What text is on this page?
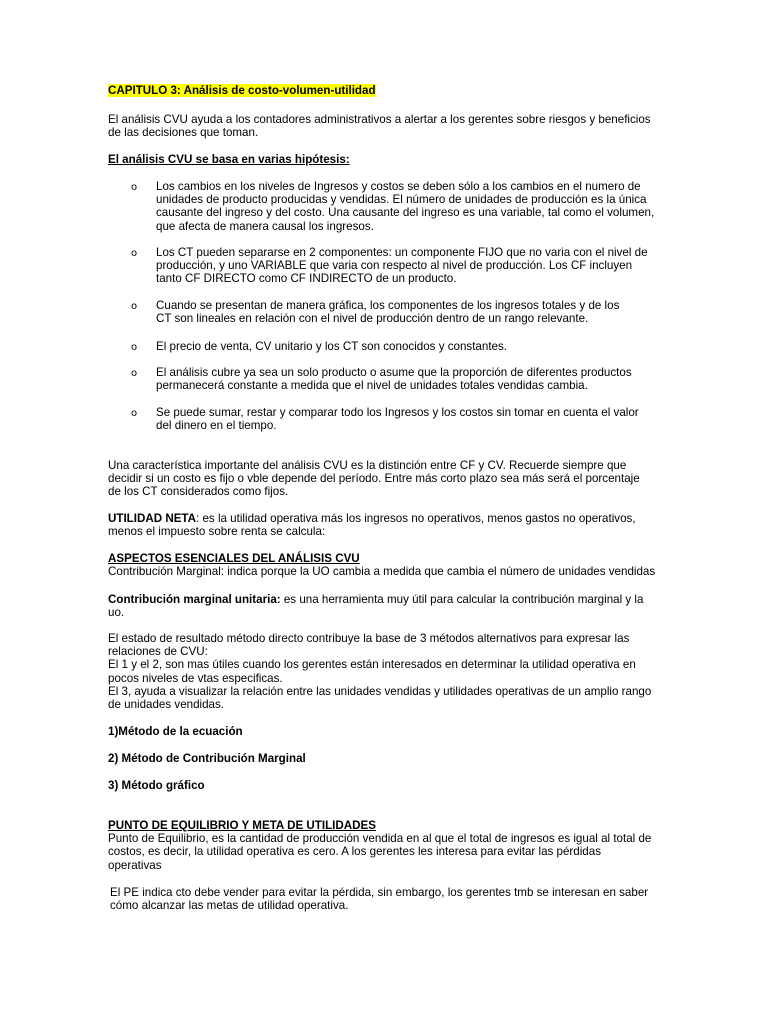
CAPITULO 3: Análisis de costo-volumen-utilidad
El análisis CVU ayuda a los contadores administrativos a alertar a los gerentes sobre riesgos y beneficios
de las decisiones que toman.
El análisis CVU se basa en varias hipótesis:
o Los cambios en los niveles de Ingresos y costos se deben sólo a los cambios en el numero de
unidades de producto producidas y vendidas. El número de unidades de producción es la única
causante del ingreso y del costo. Una causante del ingreso es una variable, tal como el volumen,
que afecta de manera causal los ingresos.
o Los CT pueden separarse en 2 componentes: un componente FIJO que no varia con el nivel de
producción, y uno VARIABLE que varia con respecto al nivel de producción. Los CF incluyen
tanto CF DIRECTO como CF INDIRECTO de un producto.
o Cuando se presentan de manera gráfica, los componentes de los ingresos totales y de los
CT son lineales en relación con el nivel de producción dentro de un rango relevante.
o El precio de venta, CV unitario y los CT son conocidos y constantes.
o El análisis cubre ya sea un solo producto o asume que la proporción de diferentes productos
permanecerá constante a medida que el nivel de unidades totales vendidas cambia.
o Se puede sumar, restar y comparar todo los Ingresos y los costos sin tomar en cuenta el valor
del dinero en el tiempo.
Una característica importante del análisis CVU es la distinción entre CF y CV. Recuerde siempre que
decidir si un costo es fijo o vble depende del período. Entre más corto plazo sea más será el porcentaje
de los CT considerados como fijos.
UTILIDAD NETA: es la utilidad operativa más los ingresos no operativos, menos gastos no operativos,
menos el impuesto sobre renta se calcula:
ASPECTOS ESENCIALES DEL ANÁLISIS CVU
Contribución Marginal: indica porque la UO cambia a medida que cambia el número de unidades vendidas
Contribución marginal unitaria: es una herramienta muy útil para calcular la contribución marginal y la
uo.
El estado de resultado método directo contribuye la base de 3 métodos alternativos para expresar las
relaciones de CVU:
El 1 y el 2, son mas útiles cuando los gerentes están interesados en determinar la utilidad operativa en
pocos niveles de vtas especificas.
El 3, ayuda a visualizar la relación entre las unidades vendidas y utilidades operativas de un amplio rango
de unidades vendidas.
1)Método de la ecuación
2) Método de Contribución Marginal
3) Método gráfico
PUNTO DE EQUILIBRIO Y META DE UTILIDADES
Punto de Equilibrio, es la cantidad de producción vendida en al que el total de ingresos es igual al total de
costos, es decir, la utilidad operativa es cero. A los gerentes les interesa para evitar las pérdidas
operativas
El PE indica cto debe vender para evitar la pérdida, sin embargo, los gerentes tmb se interesan en saber
cómo alcanzar las metas de utilidad operativa.
